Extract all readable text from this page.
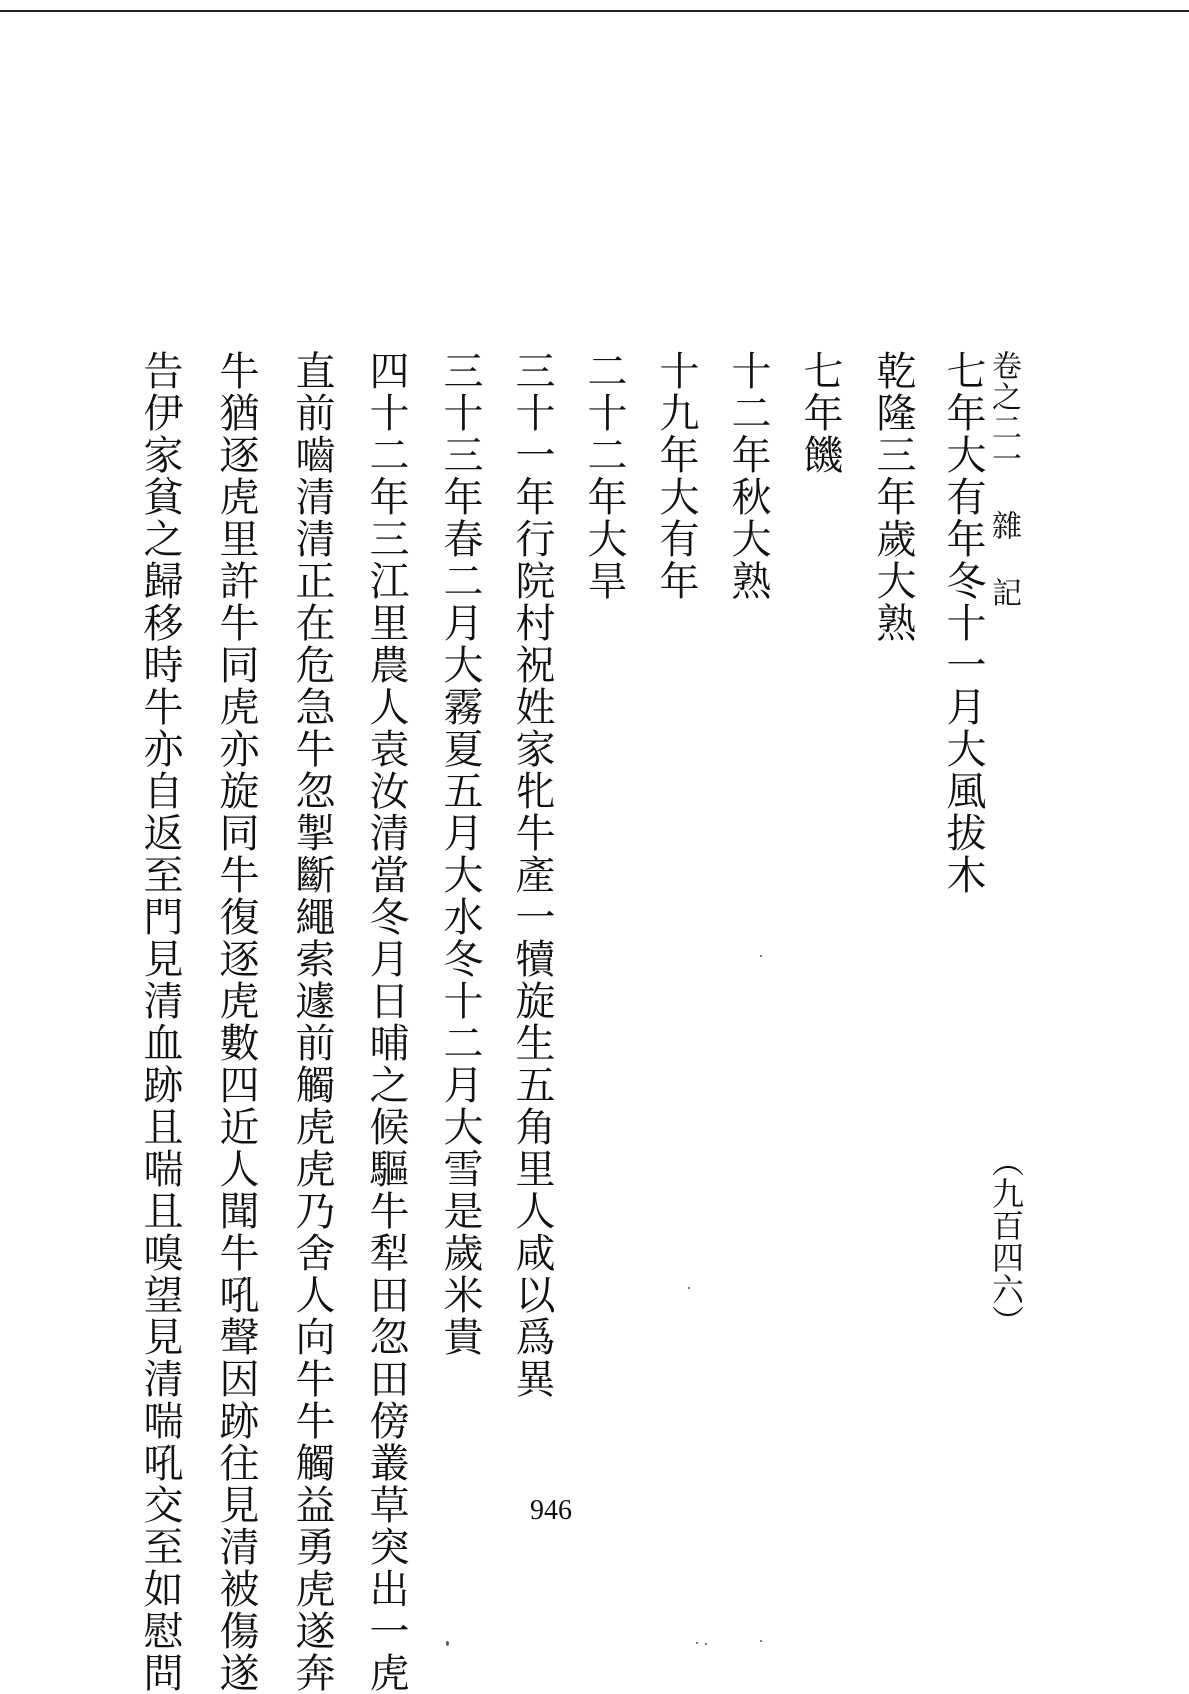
卷之二一 雜 記
（九百四六）
七年大有年冬十一月大風拔木
乾隆三年歲大熟
七年饑
十二年秋大熟
十九年大有年
二十二年大旱
三十一年行院村祝姓家牝牛產一犢旋生五角里人咸以爲異
三十三年春二月大霧夏五月大水冬十二月大雪是歲米貴
四十二年三江里農人袁汝清當冬月日晡之候驅牛犁田忽田傍叢草突出一虎
直前嚙清清正在危急牛忽掣斷繩索遽前觸虎虎乃舍人向牛牛觸益勇虎遂奔
牛猶逐虎里許牛同虎亦旋同牛復逐虎數四近人聞牛吼聲因跡往見清被傷遂
告伊家貧之歸移時牛亦自返至門見清血跡且喘且嗅望見清喘吼交至如慰問	946
